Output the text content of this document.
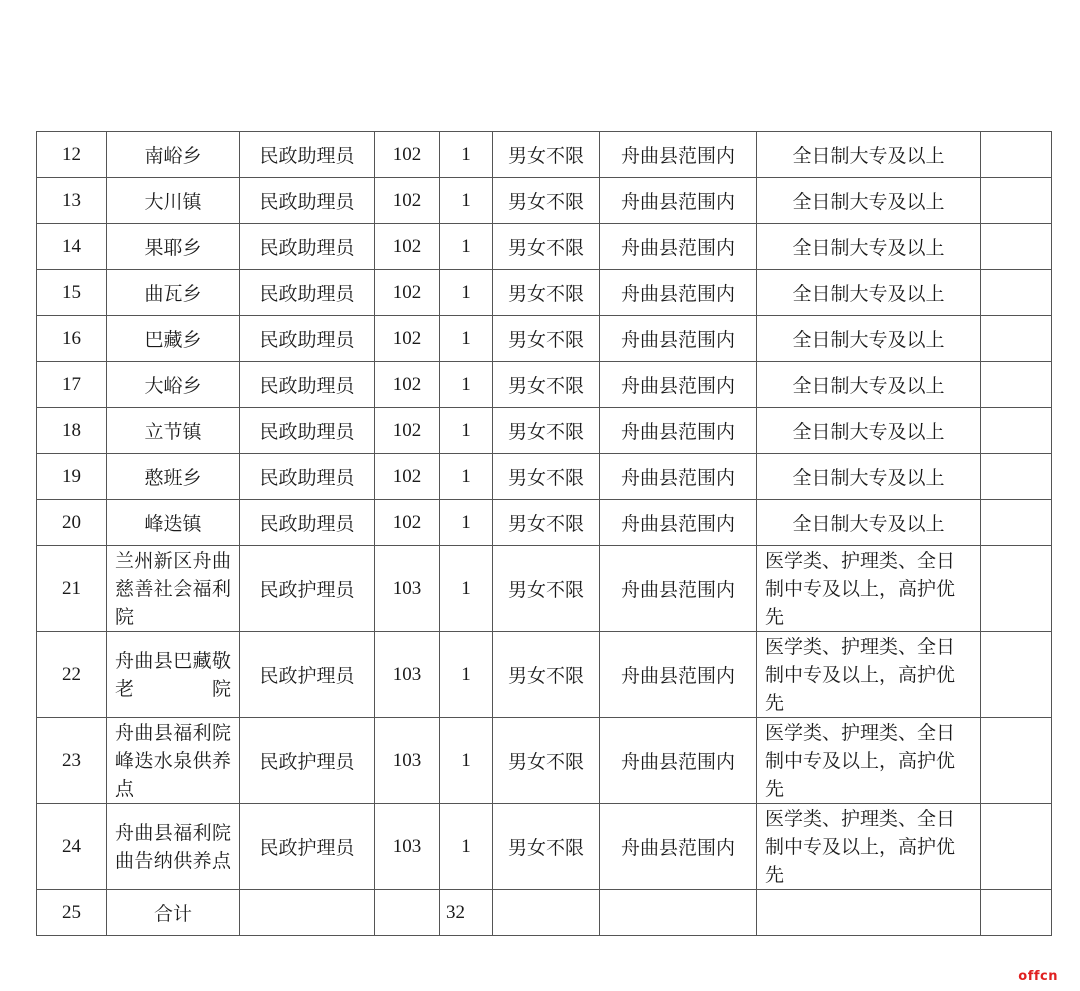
12	南峪乡	民政助理员	102	1	男女不限	舟曲县范围内	全日制大专及以上	
13	大川镇	民政助理员	102	1	男女不限	舟曲县范围内	全日制大专及以上	
14	果耶乡	民政助理员	102	1	男女不限	舟曲县范围内	全日制大专及以上	
15	曲瓦乡	民政助理员	102	1	男女不限	舟曲县范围内	全日制大专及以上	
16	巴藏乡	民政助理员	102	1	男女不限	舟曲县范围内	全日制大专及以上	
17	大峪乡	民政助理员	102	1	男女不限	舟曲县范围内	全日制大专及以上	
18	立节镇	民政助理员	102	1	男女不限	舟曲县范围内	全日制大专及以上	
19	憨班乡	民政助理员	102	1	男女不限	舟曲县范围内	全日制大专及以上	
20	峰迭镇	民政助理员	102	1	男女不限	舟曲县范围内	全日制大专及以上	
21	兰州新区舟曲慈善社会福利院	民政护理员	103	1	男女不限	舟曲县范围内	医学类、护理类、全日制中专及以上，高护优先	
22	舟曲县巴藏敬老院	民政护理员	103	1	男女不限	舟曲县范围内	医学类、护理类、全日制中专及以上，高护优先	
23	舟曲县福利院峰迭水泉供养点	民政护理员	103	1	男女不限	舟曲县范围内	医学类、护理类、全日制中专及以上，高护优先	
24	舟曲县福利院曲告纳供养点	民政护理员	103	1	男女不限	舟曲县范围内	医学类、护理类、全日制中专及以上，高护优先	
25	合计			32				
offcn
